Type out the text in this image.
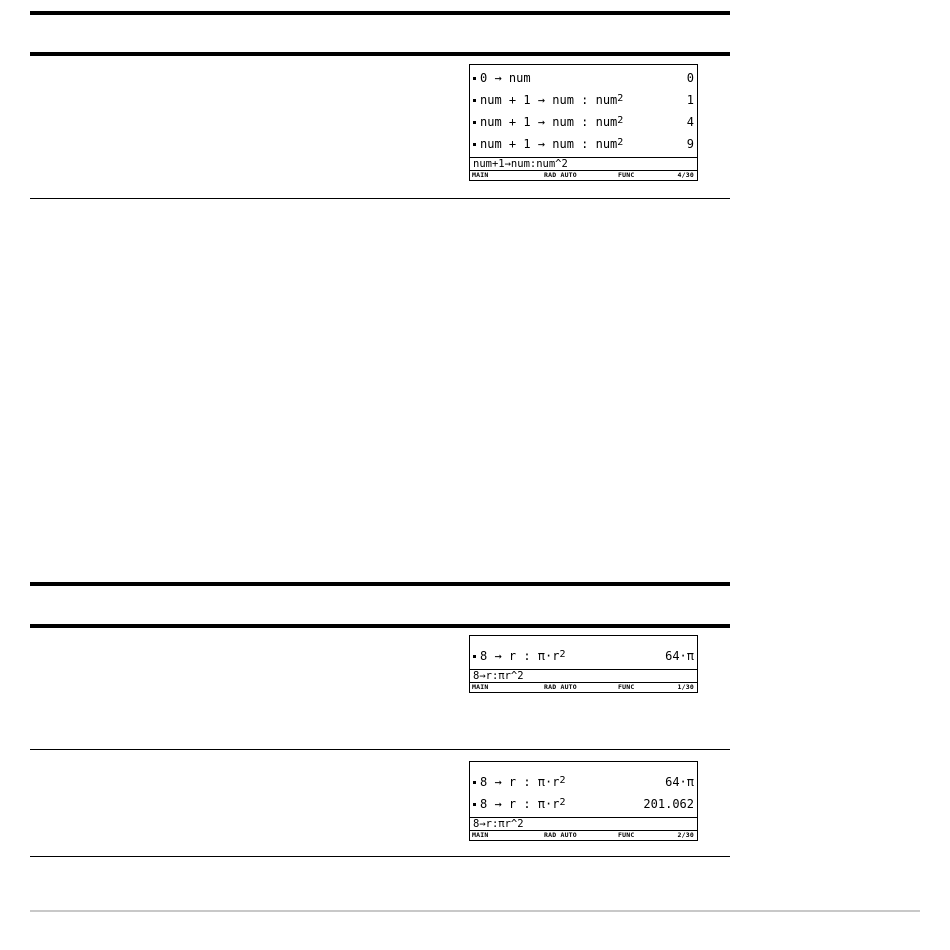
0 → num	0
num + 1 → num : num$^2$	1
num + 1 → num : num$^2$	4
num + 1 → num : num$^2$	9
num+1→num:num^2
MAIN	RAD AUTO	FUNC	4/30
8 → r : $\pi\cdot r^2$	64·π
8→r:πr^2
MAIN	RAD AUTO	FUNC	1/30
8 → r : $\pi\cdot r^2$	64·π
8 → r : $\pi\cdot r^2$	201.062
8→r:πr^2
MAIN	RAD AUTO	FUNC	2/30
